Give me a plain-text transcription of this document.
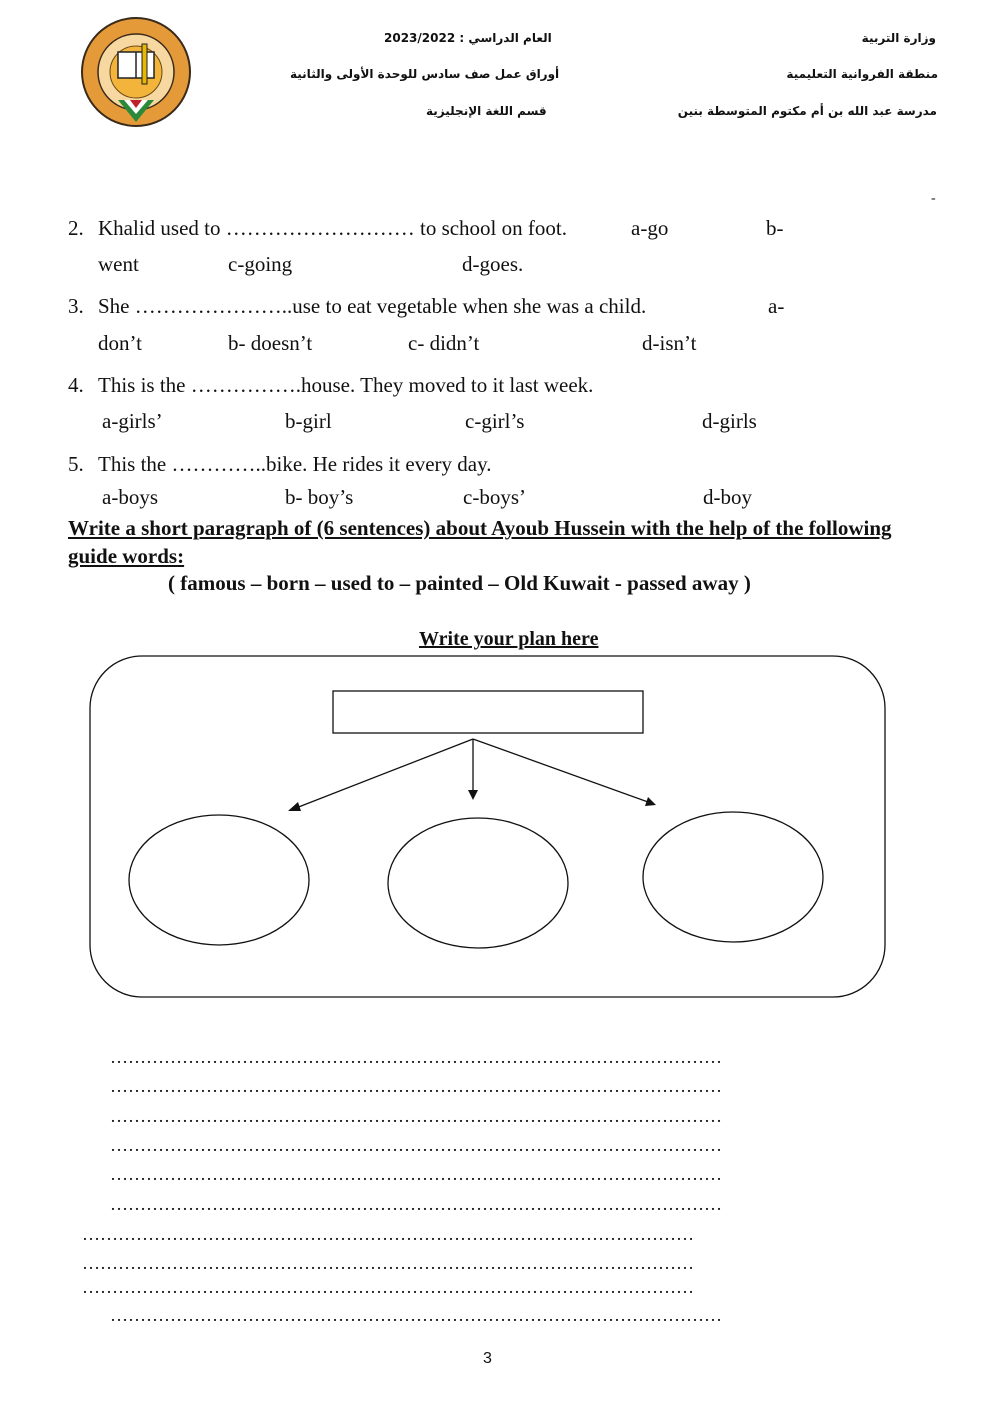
العام الدراسي : 2023/2022
أوراق عمل صف سادس للوحدة الأولى والثانية
قسم اللغة الإنجليزية
وزارة التربية
منطقة الفروانية التعليمية
مدرسة عبد الله بن أم مكتوم المتوسطة بنين
-
2. Khalid used to ……………………… to school on foot.	a-go	b-
went	c-going	d-goes.
3. She …………………..use to eat vegetable when she was a child.	a-
don’t	b- doesn’t	c- didn’t	d-isn’t
4. This is the …………….house. They moved to it last week.
a-girls’	b-girl	c-girl’s	d-girls
5. This the …………..bike. He rides it every day.
a-boys	b- boy’s	c-boys’	d-boy
Write a short paragraph of (6 sentences) about Ayoub Hussein with the help of the following guide words:
( famous – born – used to – painted – Old Kuwait - passed away )
Write your plan here
…………………………………………………………………………………………
…………………………………………………………………………………………
…………………………………………………………………………………………
…………………………………………………………………………………………
…………………………………………………………………………………………
…………………………………………………………………………………………
…………………………………………………………………………………………
…………………………………………………………………………………………
…………………………………………………………………………………………
…………………………………………………………………………………………
3
